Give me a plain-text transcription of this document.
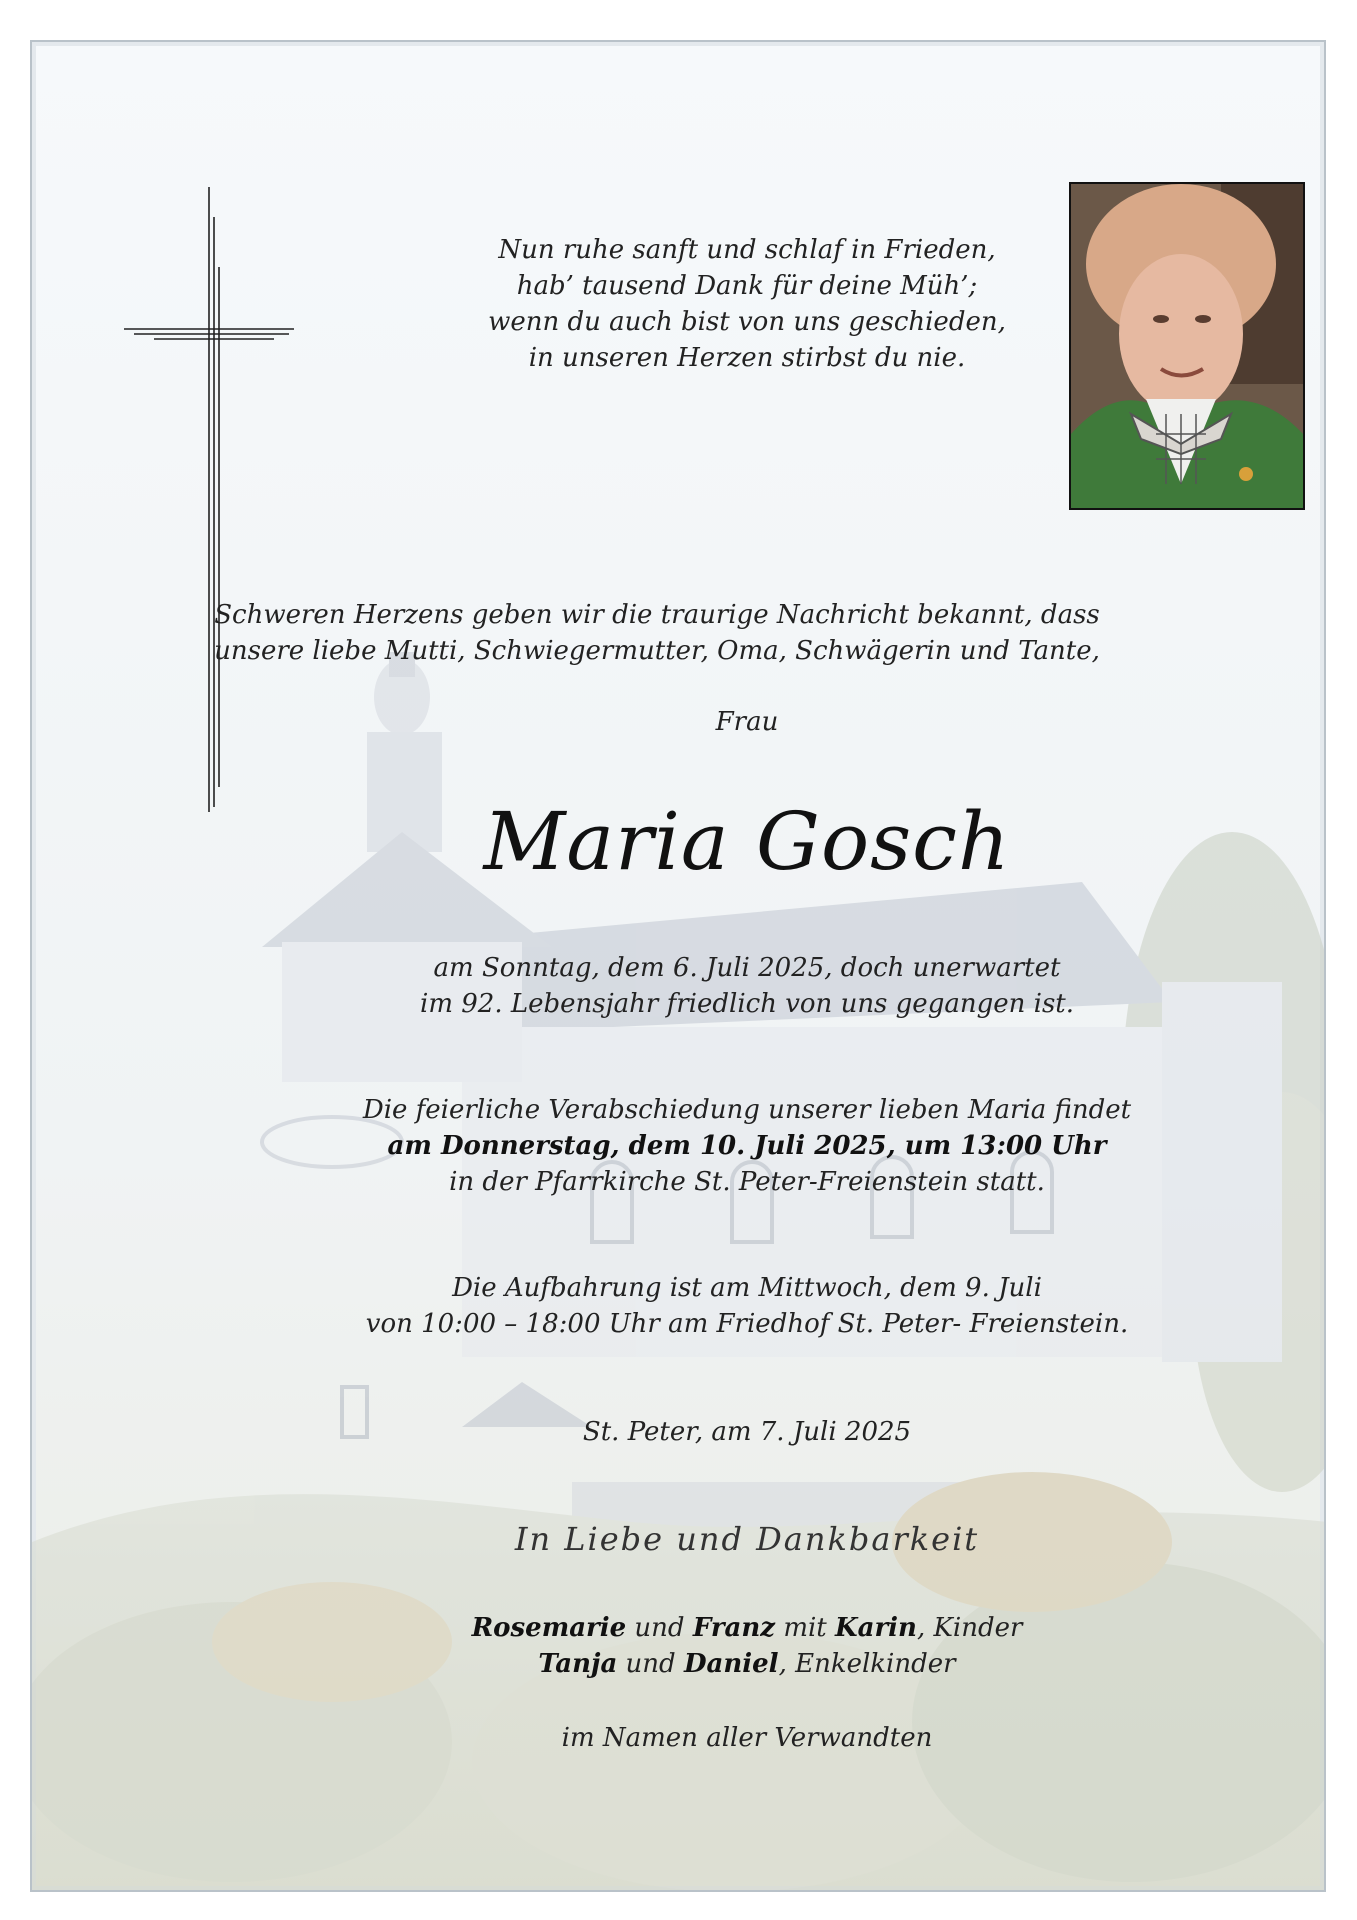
Nun ruhe sanft und schlaf in Frieden,
hab’ tausend Dank für deine Müh’;
wenn du auch bist von uns geschieden,
in unseren Herzen stirbst du nie.
Schweren Herzens geben wir die traurige Nachricht bekannt, dass
unsere liebe Mutti, Schwiegermutter, Oma, Schwägerin und Tante,
Frau
Maria Gosch
am Sonntag, dem 6. Juli 2025, doch unerwartet
im 92. Lebensjahr friedlich von uns gegangen ist.
Die feierliche Verabschiedung unserer lieben Maria findet
am Donnerstag, dem 10. Juli 2025, um 13:00 Uhr
in der Pfarrkirche St. Peter-Freienstein statt.
Die Aufbahrung ist am Mittwoch, dem 9. Juli
von 10:00 – 18:00 Uhr am Friedhof St. Peter- Freienstein.
St. Peter, am 7. Juli 2025
In Liebe und Dankbarkeit
Rosemarie und Franz mit Karin, Kinder
Tanja und Daniel, Enkelkinder
im Namen aller Verwandten
